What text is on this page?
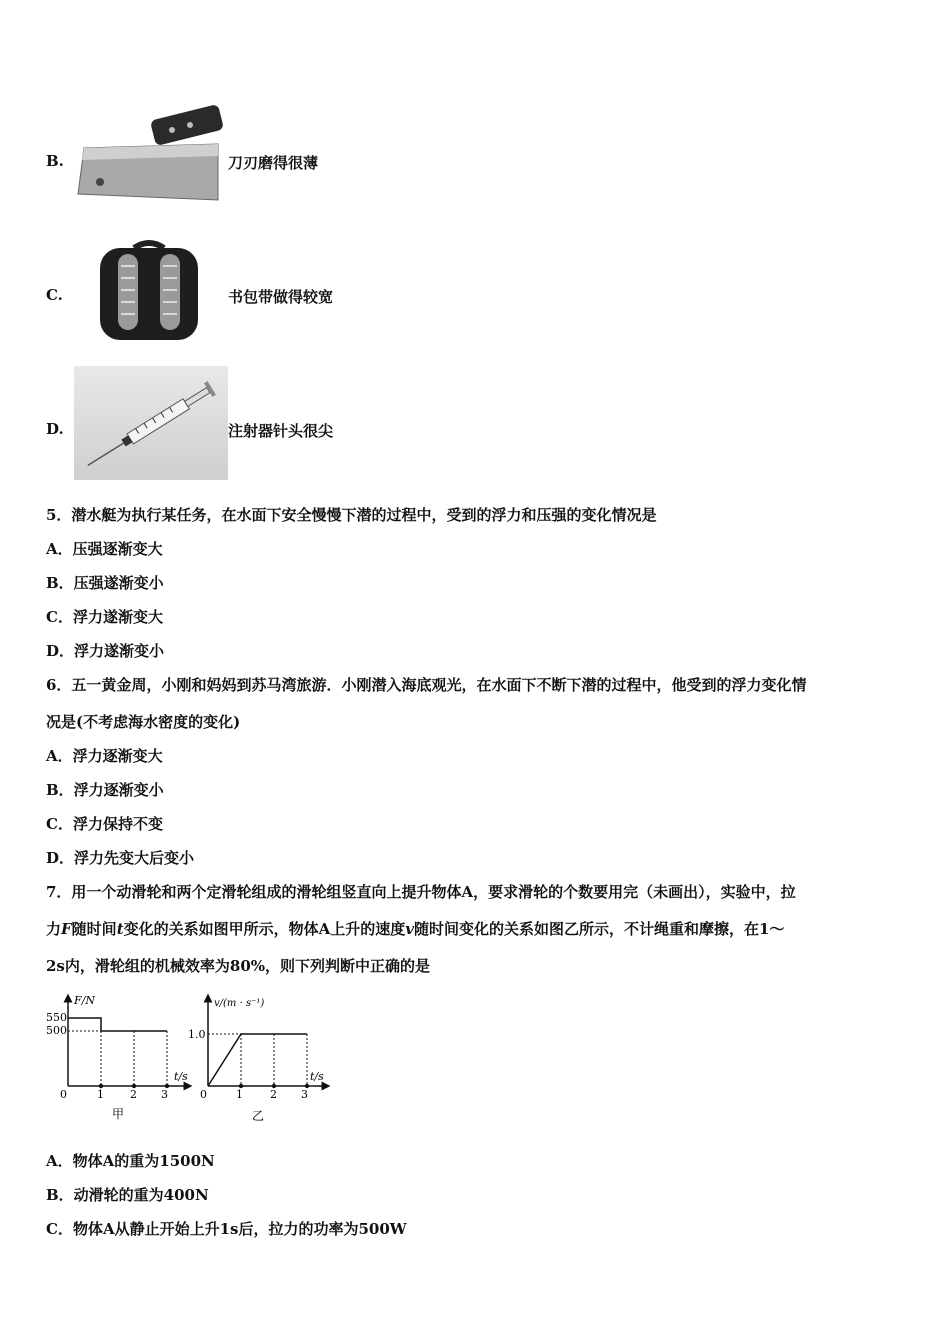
B.	刀刃磨得很薄
C.	书包带做得较宽
D.	注射器针头很尖
5．潜水艇为执行某任务，在水面下安全慢慢下潜的过程中，受到的浮力和压强的变化情况是
A．压强逐渐变大
B．压强遂渐变小
C．浮力遂渐变大
D．浮力遂渐变小
6．五一黄金周，小刚和妈妈到苏马湾旅游．小刚潜入海底观光，在水面下不断下潜的过程中，他受到的浮力变化情
况是(不考虑海水密度的变化)
A．浮力逐渐变大
B．浮力逐渐变小
C．浮力保持不变
D．浮力先变大后变小
7．用一个动滑轮和两个定滑轮组成的滑轮组竖直向上提升物体A，要求滑轮的个数要用完（未画出），实验中，拉
力F随时间t变化的关系如图甲所示，物体A上升的速度v随时间变化的关系如图乙所示，不计绳重和摩擦，在1～
2s内，滑轮组的机械效率为80%，则下列判断中正确的是
F/N
t/s
0
550
500
1 2 3
甲
v/(m · s⁻¹)
t/s
0
1.0
1 2 3
乙
A．物体A的重为1500N
B．动滑轮的重为400N
C．物体A从静止开始上升1s后，拉力的功率为500W
